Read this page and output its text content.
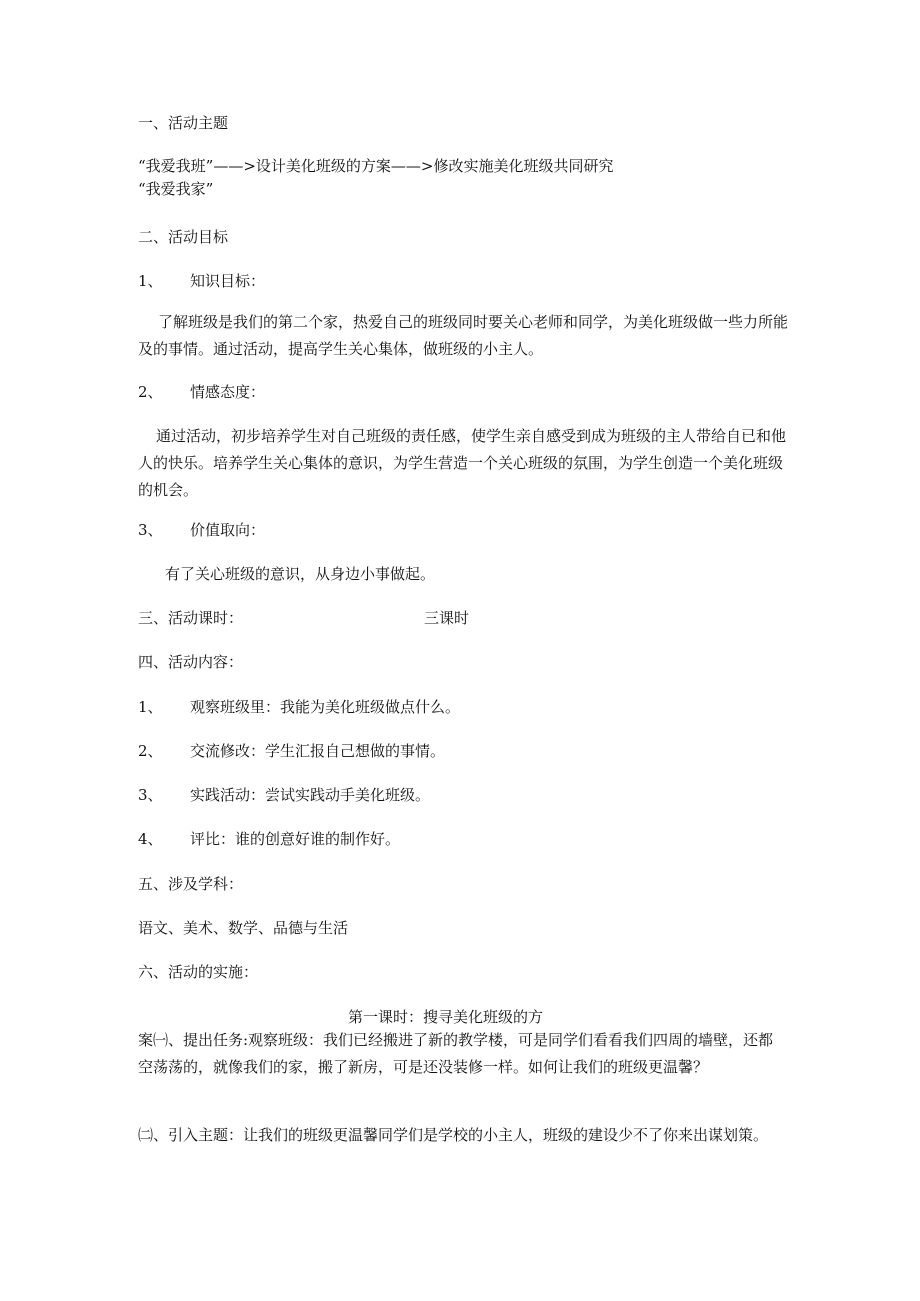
一、活动主题
“我爱我班”——>设计美化班级的方案——>修改实施美化班级共同研究
“我爱我家”
二、活动目标
1、 知识目标：
了解班级是我们的第二个家，热爱自己的班级同时要关心老师和同学，为美化班级做一些力所能及的事情。通过活动，提高学生关心集体，做班级的小主人。
2、 情感态度：
通过活动，初步培养学生对自己班级的责任感，使学生亲自感受到成为班级的主人带给自已和他人的快乐。培养学生关心集体的意识，为学生营造一个关心班级的氛围，为学生创造一个美化班级的机会。
3、 价值取向：
有了关心班级的意识，从身边小事做起。
三、活动课时：	三课时
四、活动内容：
1、 观察班级里：我能为美化班级做点什么。
2、 交流修改：学生汇报自己想做的事情。
3、 实践活动：尝试实践动手美化班级。
4、 评比：谁的创意好谁的制作好。
五、涉及学科：
语文、美术、数学、品德与生活
六、活动的实施：
第一课时：搜寻美化班级的方
案㈠、提出任务:观察班级：我们已经搬进了新的教学楼，可是同学们看看我们四周的墙壁，还都空荡荡的，就像我们的家，搬了新房，可是还没装修一样。如何让我们的班级更温馨？
㈡、引入主题：让我们的班级更温馨同学们是学校的小主人，班级的建设少不了你来出谋划策。
